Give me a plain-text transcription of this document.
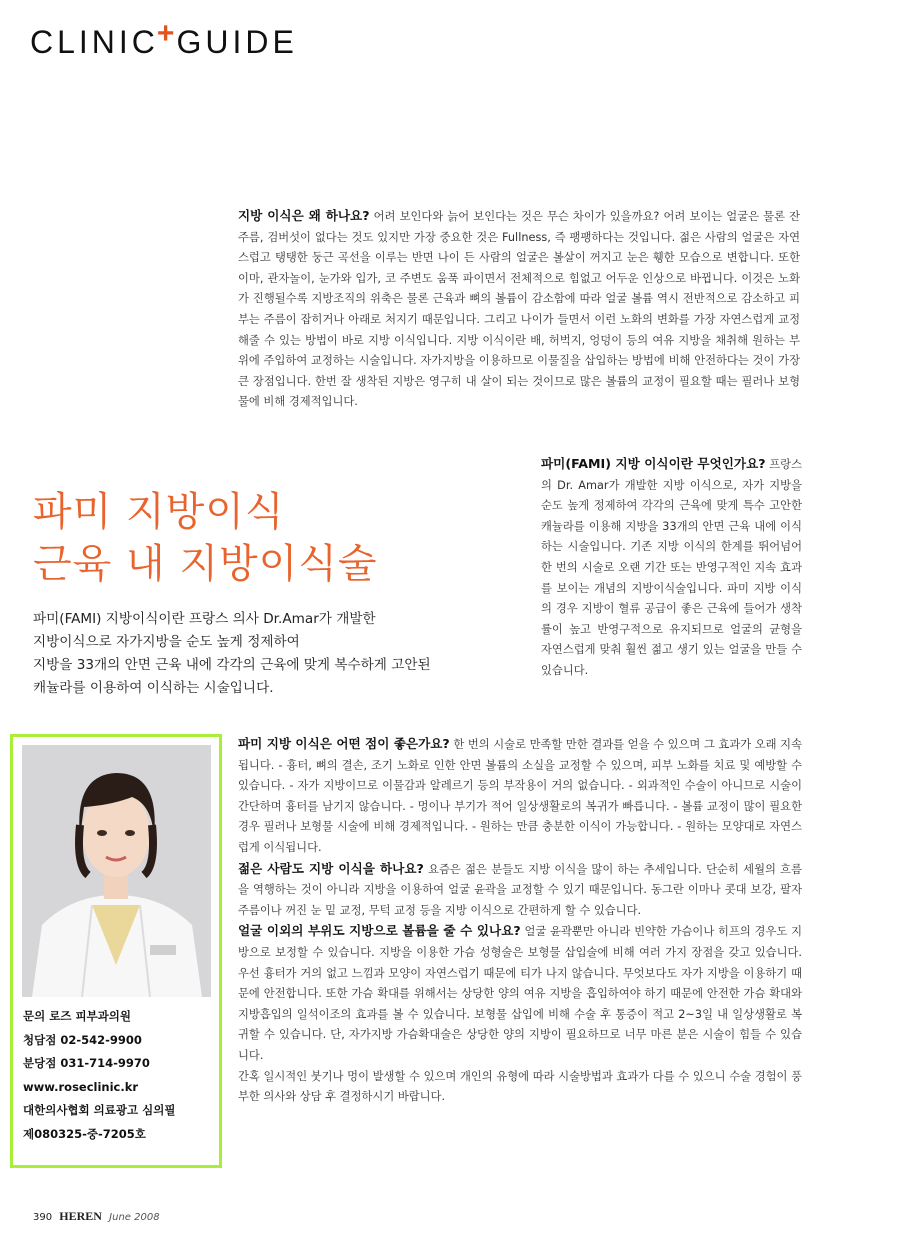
CLINIC+GUIDE
지방 이식은 왜 하나요? 어려 보인다와 늙어 보인다는 것은 무슨 차이가 있을까요? 어려 보이는 얼굴은 물론 잔주름, 검버섯이 없다는 것도 있지만 가장 중요한 것은 Fullness, 즉 팽팽하다는 것입니다. 젊은 사람의 얼굴은 자연스럽고 탱탱한 둥근 곡선을 이루는 반면 나이 든 사람의 얼굴은 볼살이 꺼지고 눈은 휑한 모습으로 변합니다. 또한 이마, 관자놀이, 눈가와 입가, 코 주변도 움푹 파이면서 전체적으로 힘없고 어두운 인상으로 바뀝니다. 이것은 노화가 진행될수록 지방조직의 위축은 물론 근육과 뼈의 볼륨이 감소함에 따라 얼굴 볼륨 역시 전반적으로 감소하고 피부는 주름이 잡히거나 아래로 처지기 때문입니다. 그리고 나이가 들면서 이런 노화의 변화를 가장 자연스럽게 교정해줄 수 있는 방법이 바로 지방 이식입니다. 지방 이식이란 배, 허벅지, 엉덩이 등의 여유 지방을 채취해 원하는 부위에 주입하여 교정하는 시술입니다. 자가지방을 이용하므로 이물질을 삽입하는 방법에 비해 안전하다는 것이 가장 큰 장점입니다. 한번 잘 생착된 지방은 영구히 내 살이 되는 것이므로 많은 볼륨의 교정이 필요할 때는 필러나 보형물에 비해 경제적입니다.
파미 지방이식
근육 내 지방이식술
파미(FAMI) 지방이식이란 프랑스 의사 Dr.Amar가 개발한
지방이식으로 자가지방을 순도 높게 정제하여
지방을 33개의 안면 근육 내에 각각의 근육에 맞게 복수하게 고안된
캐뉼라를 이용하여 이식하는 시술입니다.
파미(FAMI) 지방 이식이란 무엇인가요? 프랑스의 Dr. Amar가 개발한 지방 이식으로, 자가 지방을 순도 높게 정제하여 각각의 근육에 맞게 특수 고안한 캐뉼라를 이용해 지방을 33개의 안면 근육 내에 이식하는 시술입니다. 기존 지방 이식의 한계를 뛰어넘어 한 번의 시술로 오랜 기간 또는 반영구적인 지속 효과를 보이는 개념의 지방이식술입니다. 파미 지방 이식의 경우 지방이 혈류 공급이 좋은 근육에 들어가 생착률이 높고 반영구적으로 유지되므로 얼굴의 균형을 자연스럽게 맞춰 훨씬 젊고 생기 있는 얼굴을 만들 수 있습니다.
문의 로즈 피부과의원
청담점 02-542-9900
분당점 031-714-9970
www.roseclinic.kr
대한의사협회 의료광고 심의필
제080325-중-7205호
파미 지방 이식은 어떤 점이 좋은가요? 한 번의 시술로 만족할 만한 결과를 얻을 수 있으며 그 효과가 오래 지속됩니다. - 흉터, 뼈의 결손, 조기 노화로 인한 안면 볼륨의 소실을 교정할 수 있으며, 피부 노화를 치료 및 예방할 수 있습니다. - 자가 지방이므로 이물감과 알레르기 등의 부작용이 거의 없습니다. - 외과적인 수술이 아니므로 시술이 간단하며 흉터를 남기지 않습니다. - 멍이나 부기가 적어 일상생활로의 복귀가 빠릅니다. - 볼륨 교정이 많이 필요한 경우 필러나 보형물 시술에 비해 경제적입니다. - 원하는 만큼 충분한 이식이 가능합니다. - 원하는 모양대로 자연스럽게 이식됩니다.
젊은 사람도 지방 이식을 하나요? 요즘은 젊은 분들도 지방 이식을 많이 하는 추세입니다. 단순히 세월의 흐름을 역행하는 것이 아니라 지방을 이용하여 얼굴 윤곽을 교정할 수 있기 때문입니다. 동그란 이마나 콧대 보강, 팔자 주름이나 꺼진 눈 밑 교정, 무턱 교정 등을 지방 이식으로 간편하게 할 수 있습니다.
얼굴 이외의 부위도 지방으로 볼륨을 줄 수 있나요? 얼굴 윤곽뿐만 아니라 빈약한 가슴이나 히프의 경우도 지방으로 보정할 수 있습니다. 지방을 이용한 가슴 성형술은 보형물 삽입술에 비해 여러 가지 장점을 갖고 있습니다. 우선 흉터가 거의 없고 느낌과 모양이 자연스럽기 때문에 티가 나지 않습니다. 무엇보다도 자가 지방을 이용하기 때문에 안전합니다. 또한 가슴 확대를 위해서는 상당한 양의 여유 지방을 흡입하여야 하기 때문에 안전한 가슴 확대와 지방흡입의 일석이조의 효과를 볼 수 있습니다. 보형물 삽입에 비해 수술 후 통증이 적고 2~3일 내 일상생활로 복귀할 수 있습니다. 단, 자가지방 가슴확대술은 상당한 양의 지방이 필요하므로 너무 마른 분은 시술이 힘들 수 있습니다.
간혹 일시적인 붓기나 멍이 발생할 수 있으며 개인의 유형에 따라 시술방법과 효과가 다를 수 있으니 수술 경험이 풍부한 의사와 상담 후 결정하시기 바랍니다.
390 HEREN June 2008
